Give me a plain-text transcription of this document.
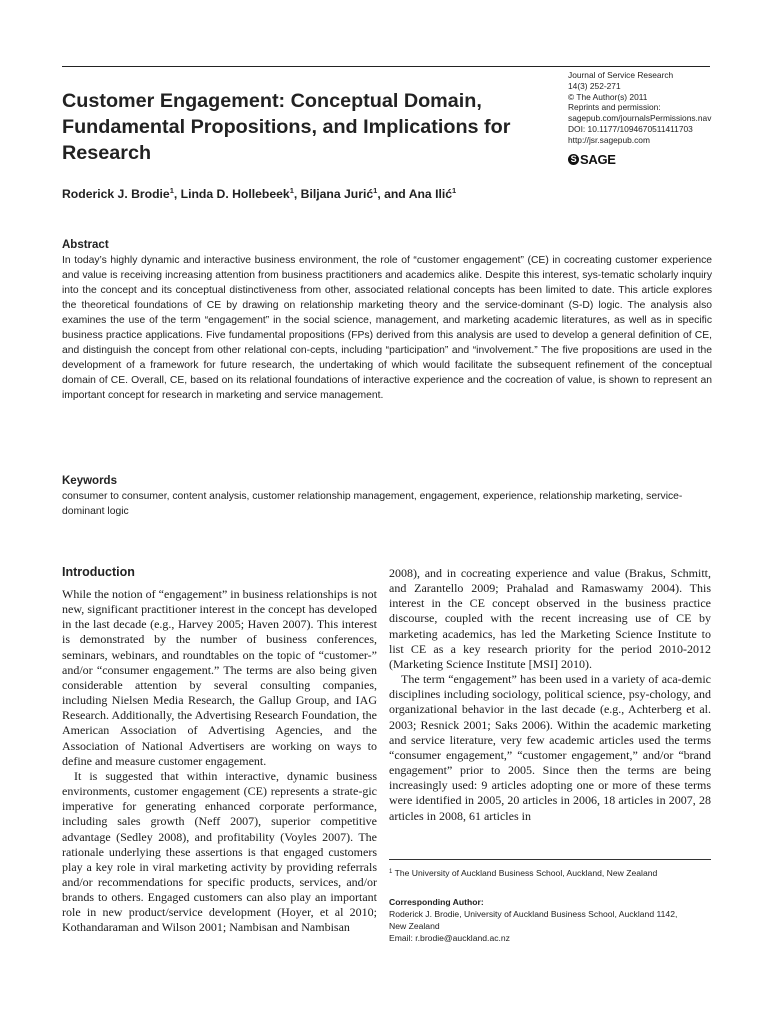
Journal of Service Research
14(3) 252-271
© The Author(s) 2011
Reprints and permission:
sagepub.com/journalsPermissions.nav
DOI: 10.1177/1094670511411703
http://jsr.sagepub.com
S SAGE
Customer Engagement: Conceptual Domain, Fundamental Propositions, and Implications for Research
Roderick J. Brodie$^1$, Linda D. Hollebeek$^1$, Biljana Jurić$^1$, and Ana Ilić$^1$
Abstract

In today’s highly dynamic and interactive business environment, the role of “customer engagement” (CE) in cocreating customer experience and value is receiving increasing attention from business practitioners and academics alike. Despite this interest, sys-tematic scholarly inquiry into the concept and its conceptual distinctiveness from other, associated relational concepts has been limited to date. This article explores the theoretical foundations of CE by drawing on relationship marketing theory and the service-dominant (S-D) logic. The analysis also examines the use of the term “engagement” in the social science, management, and marketing academic literatures, as well as in specific business practice applications. Five fundamental propositions (FPs) derived from this analysis are used to develop a general definition of CE, and distinguish the concept from other relational con-cepts, including “participation” and “involvement.” The five propositions are used in the development of a framework for future research, the undertaking of which would facilitate the subsequent refinement of the conceptual domain of CE. Overall, CE, based on its relational foundations of interactive experience and the cocreation of value, is shown to represent an important concept for research in marketing and service management.

Keywords

consumer to consumer, content analysis, customer relationship management, engagement, experience, relationship marketing, service-dominant logic

Introduction

While the notion of “engagement” in business relationships is not new, significant practitioner interest in the concept has developed in the last decade (e.g., Harvey 2005; Haven 2007). This interest is demonstrated by the number of business conferences, seminars, webinars, and roundtables on the topic of “customer-” and/or “consumer engagement.” The terms are also being given considerable attention by several consulting companies, including Nielsen Media Research, the Gallup Group, and IAG Research. Additionally, the Advertising Research Foundation, the American Association of Advertising Agencies, and the Association of National Advertisers are working on ways to define and measure customer engagement.

It is suggested that within interactive, dynamic business environments, customer engagement (CE) represents a strate-gic imperative for generating enhanced corporate performance, including sales growth (Neff 2007), superior competitive advantage (Sedley 2008), and profitability (Voyles 2007). The rationale underlying these assertions is that engaged customers play a key role in viral marketing activity by providing referrals and/or recommendations for specific products, services, and/or brands to others. Engaged customers can also play an important role in new product/service development (Hoyer, et al 2010; Kothandaraman and Wilson 2001; Nambisan and Nambisan

2008), and in cocreating experience and value (Brakus, Schmitt, and Zarantello 2009; Prahalad and Ramaswamy 2004). This interest in the CE concept observed in the business practice discourse, coupled with the recent increasing use of CE by marketing academics, has led the Marketing Science Institute to list CE as a key research priority for the period 2010-2012 (Marketing Science Institute [MSI] 2010).

The term “engagement” has been used in a variety of aca-demic disciplines including sociology, political science, psy-chology, and organizational behavior in the last decade (e.g., Achterberg et al. 2003; Resnick 2001; Saks 2006). Within the academic marketing and service literature, very few academic articles used the terms “consumer engagement,” “customer engagement,” and/or “brand engagement” prior to 2005. Since then the terms are being increasingly used: 9 articles adopting one or more of these terms were identified in 2005, 20 articles in 2006, 18 articles in 2007, 28 articles in 2008, 61 articles in

$^1$ The University of Auckland Business School, Auckland, New Zealand
Corresponding Author:
Roderick J. Brodie, University of Auckland Business School, Auckland 1142,
New Zealand
Email: r.brodie@auckland.ac.nz
